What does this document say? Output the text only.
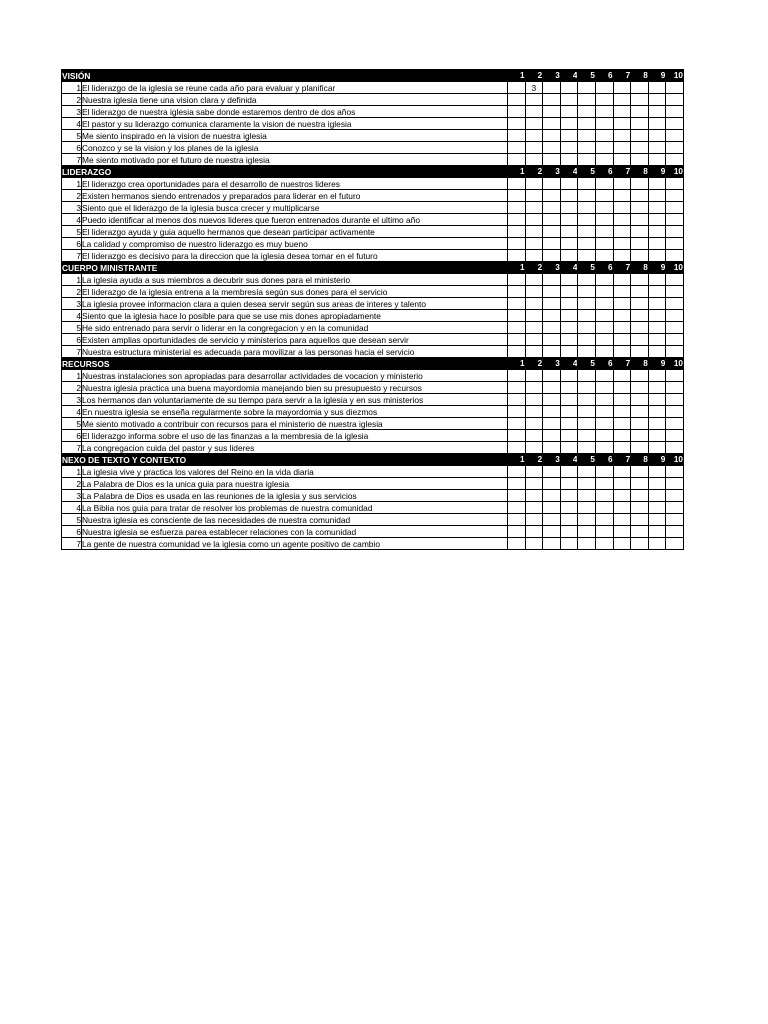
VISIÓN		1	2	3	4	5	6	7	8	9	10
1	El liderazgo de la iglesia se reune cada año para evaluar y planificar		3								
2	Nuestra iglesia tiene una vision clara y definida										
3	El liderazgo de nuestra iglesia sabe donde estaremos dentro de dos años										
4	El pastor y su liderazgo comunica claramente la vision de nuestra iglesia										
5	Me siento inspirado en la vision de nuestra iglesia										
6	Conozco y se la vision y los planes de la iglesia										
7	Me siento motivado por el futuro de nuestra iglesia										
LIDERAZGO		1	2	3	4	5	6	7	8	9	10
1	El liderazgo crea oportunidades para el desarrollo de nuestros lideres										
2	Existen hermanos siendo entrenados y preparados para liderar en el futuro										
3	Siento que el liderazgo de la iglesia busca crecer y multiplicarse										
4	Puedo identificar al menos dos nuevos lideres que fueron entrenados durante el ultimo año										
5	El liderazgo ayuda y guia aquello hermanos que desean participar activamente										
6	La calidad y compromiso de nuestro liderazgo es muy bueno										
7	El liderazgo es decisivo para la direccion que la iglesia desea tomar en el futuro										
CUERPO MINISTRANTE		1	2	3	4	5	6	7	8	9	10
1	La iglesia ayuda a sus miembros a decubrir sus dones para el ministerio										
2	El liderazgo de la iglesia entrena a la membresía según sus dones para el servicio										
3	La iglesia provee informacion clara a quien desea servir según sus areas de interes y talento										
4	Siento que la iglesia hace lo posible para que se use mis dones apropiadamente										
5	He sido entrenado para servir o liderar en la congregacion y en la comunidad										
6	Existen amplias oportunidades de servicio y ministerios para aquellos que desean servir										
7	Nuestra estructura ministerial es adecuada para movilizar a las personas hacia el servicio										
RECURSOS		1	2	3	4	5	6	7	8	9	10
1	Nuestras instalaciones son apropiadas para desarrollar actividades de vocacion y ministerio										
2	Nuestra iglesia practica una buena mayordomia manejando bien su presupuesto y recursos										
3	Los hermanos dan voluntariamente de su tiempo para servir a la iglesia y en sus ministerios										
4	En nuestra iglesia se enseña regularmente sobre la mayordomia y sus diezmos										
5	Me siento motivado a contribuir con recursos para el ministerio de nuestra iglesia										
6	El liderazgo informa sobre el uso de las finanzas a la membresia de la iglesia										
7	La congregacion cuida del pastor y sus lideres										
NEXO DE TEXTO Y CONTEXTO		1	2	3	4	5	6	7	8	9	10
1	La iglesia vive y practica los valores del Reino en la vida diaria										
2	La Palabra de Dios es la unica guia para nuestra iglesia										
3	La Palabra de Dios es usada en las reuniones de la iglesia y sus servicios										
4	La Biblia nos guia para tratar de resolver los problemas de nuestra comunidad										
5	Nuestra iglesia es consciente de las necesidades de nuestra comunidad										
6	Nuestra iglesia se esfuerza parea establecer relaciones con la comunidad										
7	La gente de nuestra comunidad ve la iglesia como un agente positivo de cambio										
